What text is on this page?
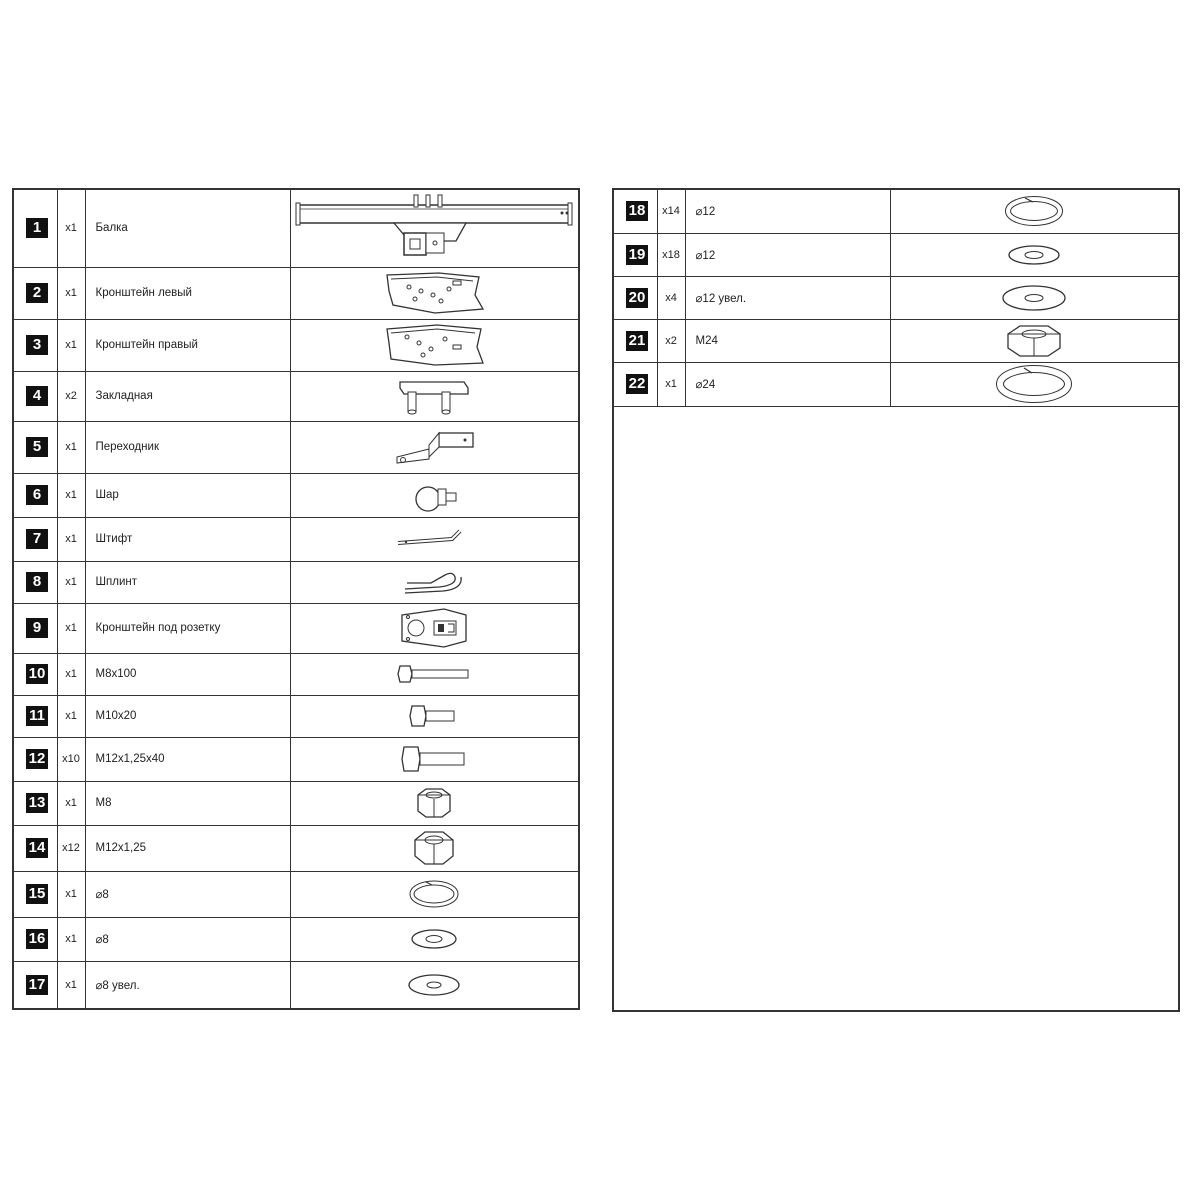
1	x1	Балка	

2	x1	Кронштейн левый	

3	x1	Кронштейн правый	

4	x2	Закладная	

5	x1	Переходник	

6	x1	Шар	

7	x1	Штифт	

8	x1	Шплинт	

9	x1	Кронштейн под розетку	

10	x1	M8x100	

11	x1	M10x20	

12	x10	M12x1,25x40	

13	x1	M8	

14	x12	M12x1,25	

15	x1	⌀8	

16	x1	⌀8	

17	x1	⌀8 увел.	
18	x14	⌀12	

19	x18	⌀12	

20	x4	⌀12 увел.	

21	x2	M24	

22	x1	⌀24	
